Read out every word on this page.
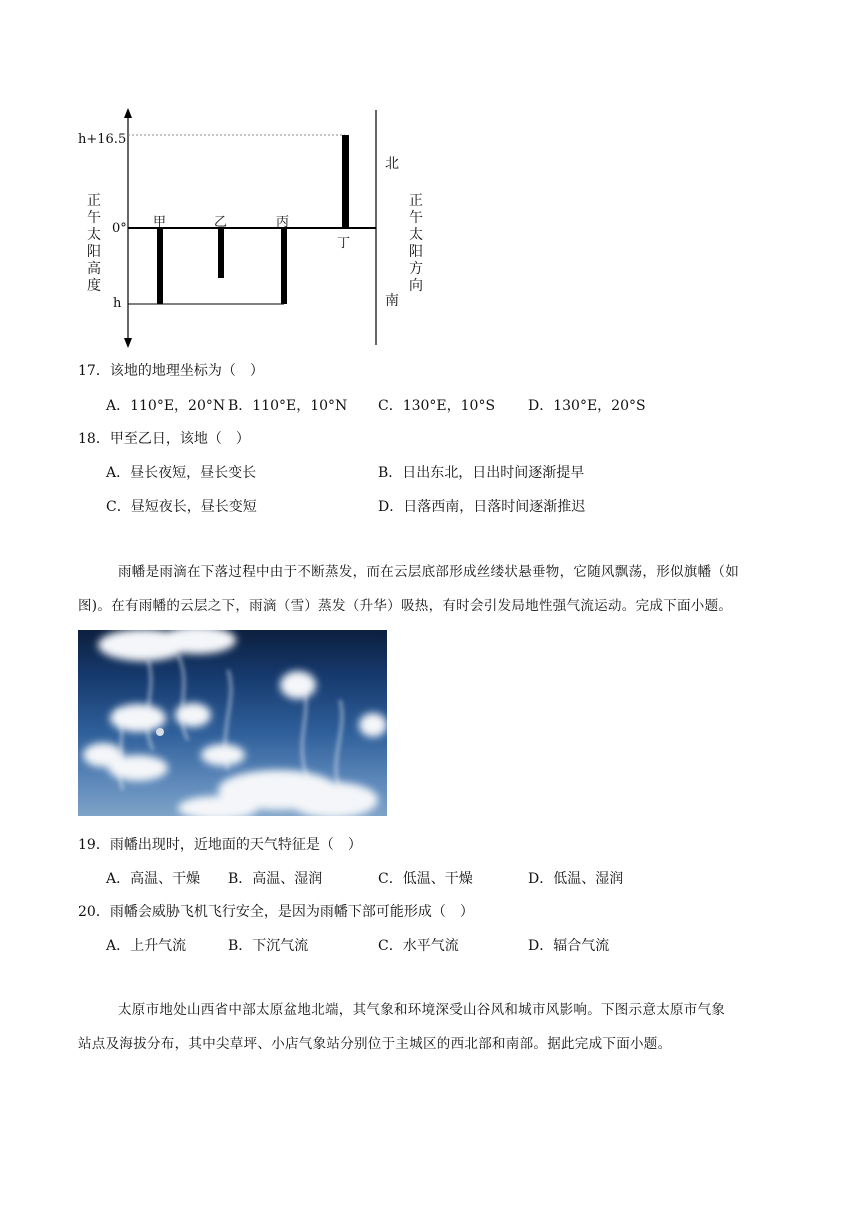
h+16.5
0°
h
正午太阳高度
正午太阳方向
北
南
甲	乙	丙
丁
17．该地的地理坐标为（　）
A．110°E，20°N B．110°E，10°N C．130°E，10°S D．130°E，20°S
18．甲至乙日，该地（　）
A．昼长夜短，昼长变长	B．日出东北，日出时间逐渐提早
C．昼短夜长，昼长变短	D．日落西南，日落时间逐渐推迟
雨幡是雨滴在下落过程中由于不断蒸发，而在云层底部形成丝缕状悬垂物，它随风飘荡，形似旗幡（如
图)。在有雨幡的云层之下，雨滴（雪）蒸发（升华）吸热，有时会引发局地性强气流运动。完成下面小题。
19．雨幡出现时，近地面的天气特征是（　）
A．高温、干燥 B．高温、湿润	C．低温、干燥	D．低温、湿润
20．雨幡会威胁飞机飞行安全，是因为雨幡下部可能形成（　）
A．上升气流	B．下沉气流	C．水平气流	D．辐合气流
太原市地处山西省中部太原盆地北端，其气象和环境深受山谷风和城市风影响。下图示意太原市气象
站点及海拔分布，其中尖草坪、小店气象站分别位于主城区的西北部和南部。据此完成下面小题。
